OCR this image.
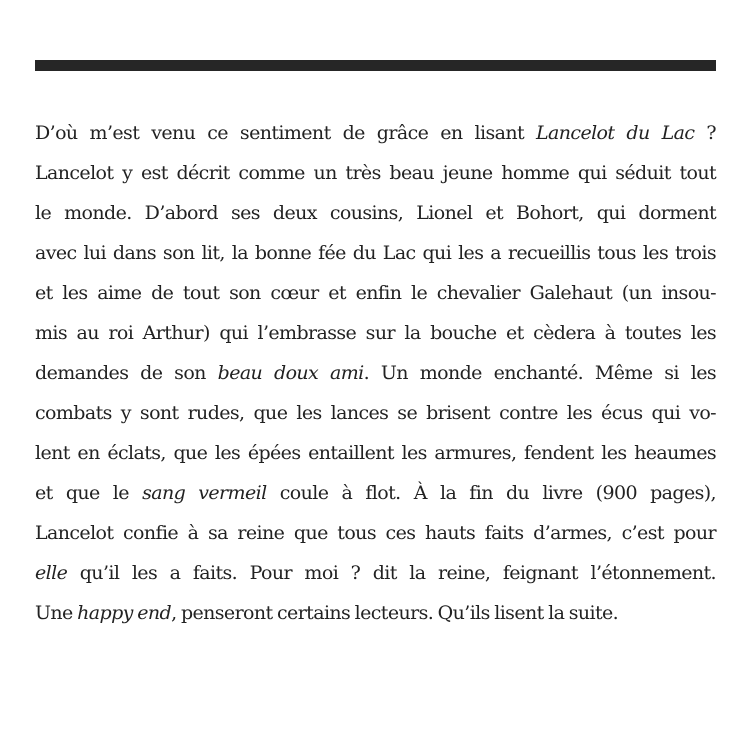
D’où m’est venu ce sentiment de grâce en lisant Lancelot du Lac ?
Lancelot y est décrit comme un très beau jeune homme qui séduit tout
le monde. D’abord ses deux cousins, Lionel et Bohort, qui dorment
avec lui dans son lit, la bonne fée du Lac qui les a recueillis tous les trois
et les aime de tout son cœur et enfin le chevalier Galehaut (un insou-
mis au roi Arthur) qui l’embrasse sur la bouche et cèdera à toutes les
demandes de son beau doux ami. Un monde enchanté. Même si les
combats y sont rudes, que les lances se brisent contre les écus qui vo-
lent en éclats, que les épées entaillent les armures, fendent les heaumes
et que le sang vermeil coule à flot. À la fin du livre (900 pages),
Lancelot confie à sa reine que tous ces hauts faits d’armes, c’est pour
elle qu’il les a faits. Pour moi ? dit la reine, feignant l’étonnement.
Une happy end, penseront certains lecteurs. Qu’ils lisent la suite.
